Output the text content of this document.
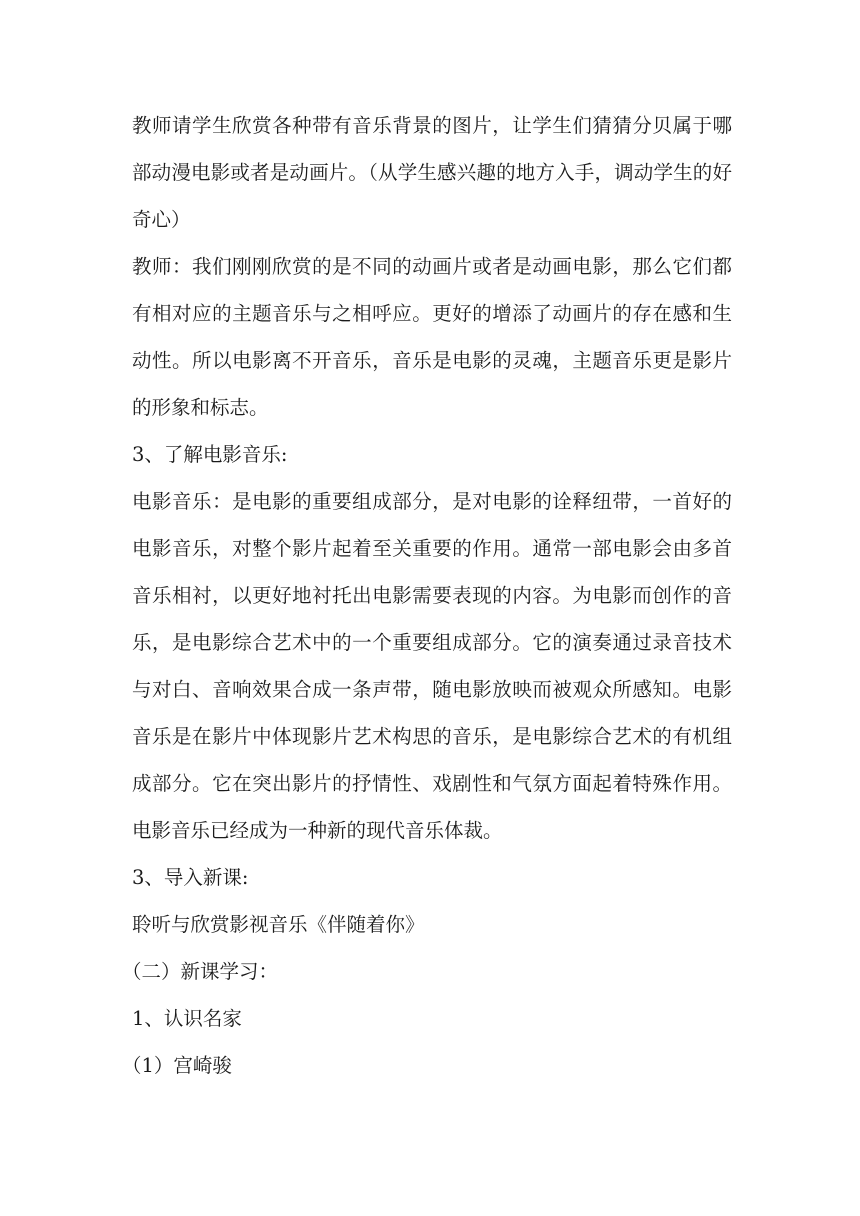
教师请学生欣赏各种带有音乐背景的图片，让学生们猜猜分贝属于哪部动漫电影或者是动画片。（从学生感兴趣的地方入手，调动学生的好奇心）

教师：我们刚刚欣赏的是不同的动画片或者是动画电影，那么它们都有相对应的主题音乐与之相呼应。更好的增添了动画片的存在感和生动性。所以电影离不开音乐，音乐是电影的灵魂，主题音乐更是影片的形象和标志。

3、了解电影音乐:

电影音乐：是电影的重要组成部分，是对电影的诠释纽带，一首好的电影音乐，对整个影片起着至关重要的作用。通常一部电影会由多首音乐相衬，以更好地衬托出电影需要表现的内容。为电影而创作的音乐，是电影综合艺术中的一个重要组成部分。它的演奏通过录音技术与对白、音响效果合成一条声带，随电影放映而被观众所感知。电影音乐是在影片中体现影片艺术构思的音乐，是电影综合艺术的有机组成部分。它在突出影片的抒情性、戏剧性和气氛方面起着特殊作用。电影音乐已经成为一种新的现代音乐体裁。

3、导入新课:

聆听与欣赏影视音乐《伴随着你》

（二）新课学习：

1、认识名家

（1）宫崎骏
